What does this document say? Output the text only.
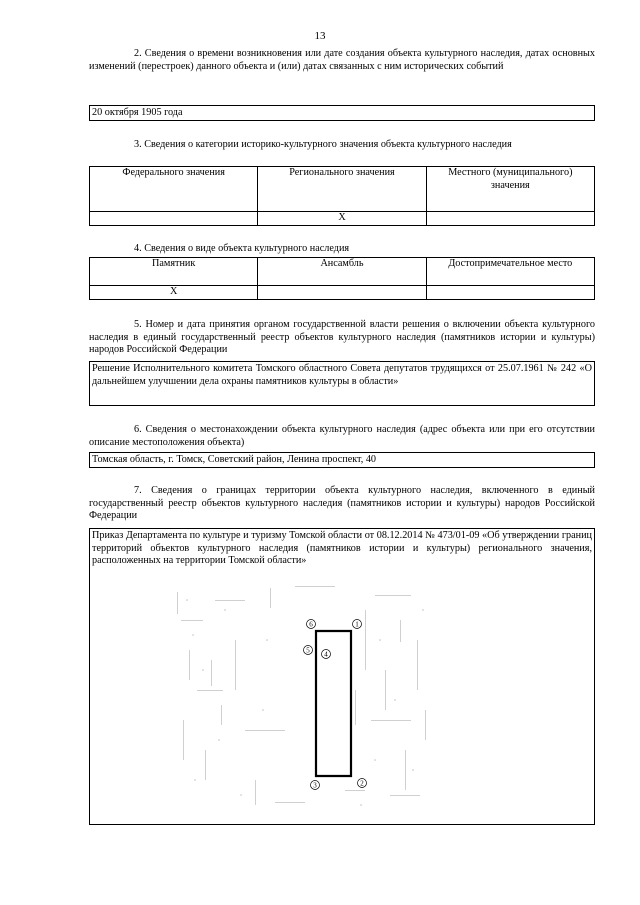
13
2. Сведения о времени возникновения или дате создания объекта культурного наследия, датах основных изменений (перестроек) данного объекта и (или) датах связанных с ним исторических событий
20 октября 1905 года
3. Сведения о категории историко-культурного значения объекта культурного наследия
Федерального значения	Регионального значения	Местного (муниципального) значения
	X	
4. Сведения о виде объекта культурного наследия
Памятник	Ансамбль	Достопримечательное место
X		
5. Номер и дата принятия органом государственной власти решения о включении объекта культурного наследия в единый государственный реестр объектов культурного наследия (памятников истории и культуры) народов Российской Федерации
Решение Исполнительного комитета Томского областного Совета депутатов трудящихся от 25.07.1961 № 242 «О дальнейшем улучшении дела охраны памятников культуры в области»
6. Сведения о местонахождении объекта культурного наследия (адрес объекта или при его отсутствии описание местоположения объекта)
Томская область, г. Томск, Советский район, Ленина проспект, 40
7. Сведения о границах территории объекта культурного наследия, включенного в единый государственный реестр объектов культурного наследия (памятников истории и культуры) народов Российской Федерации
Приказ Департамента по культуре и туризму Томской области от 08.12.2014 № 473/01-09 «Об утверждении границ территорий объектов культурного наследия (памятников истории и культуры) регионального значения, расположенных на территории Томской области»
1
2
3
4
5
6
